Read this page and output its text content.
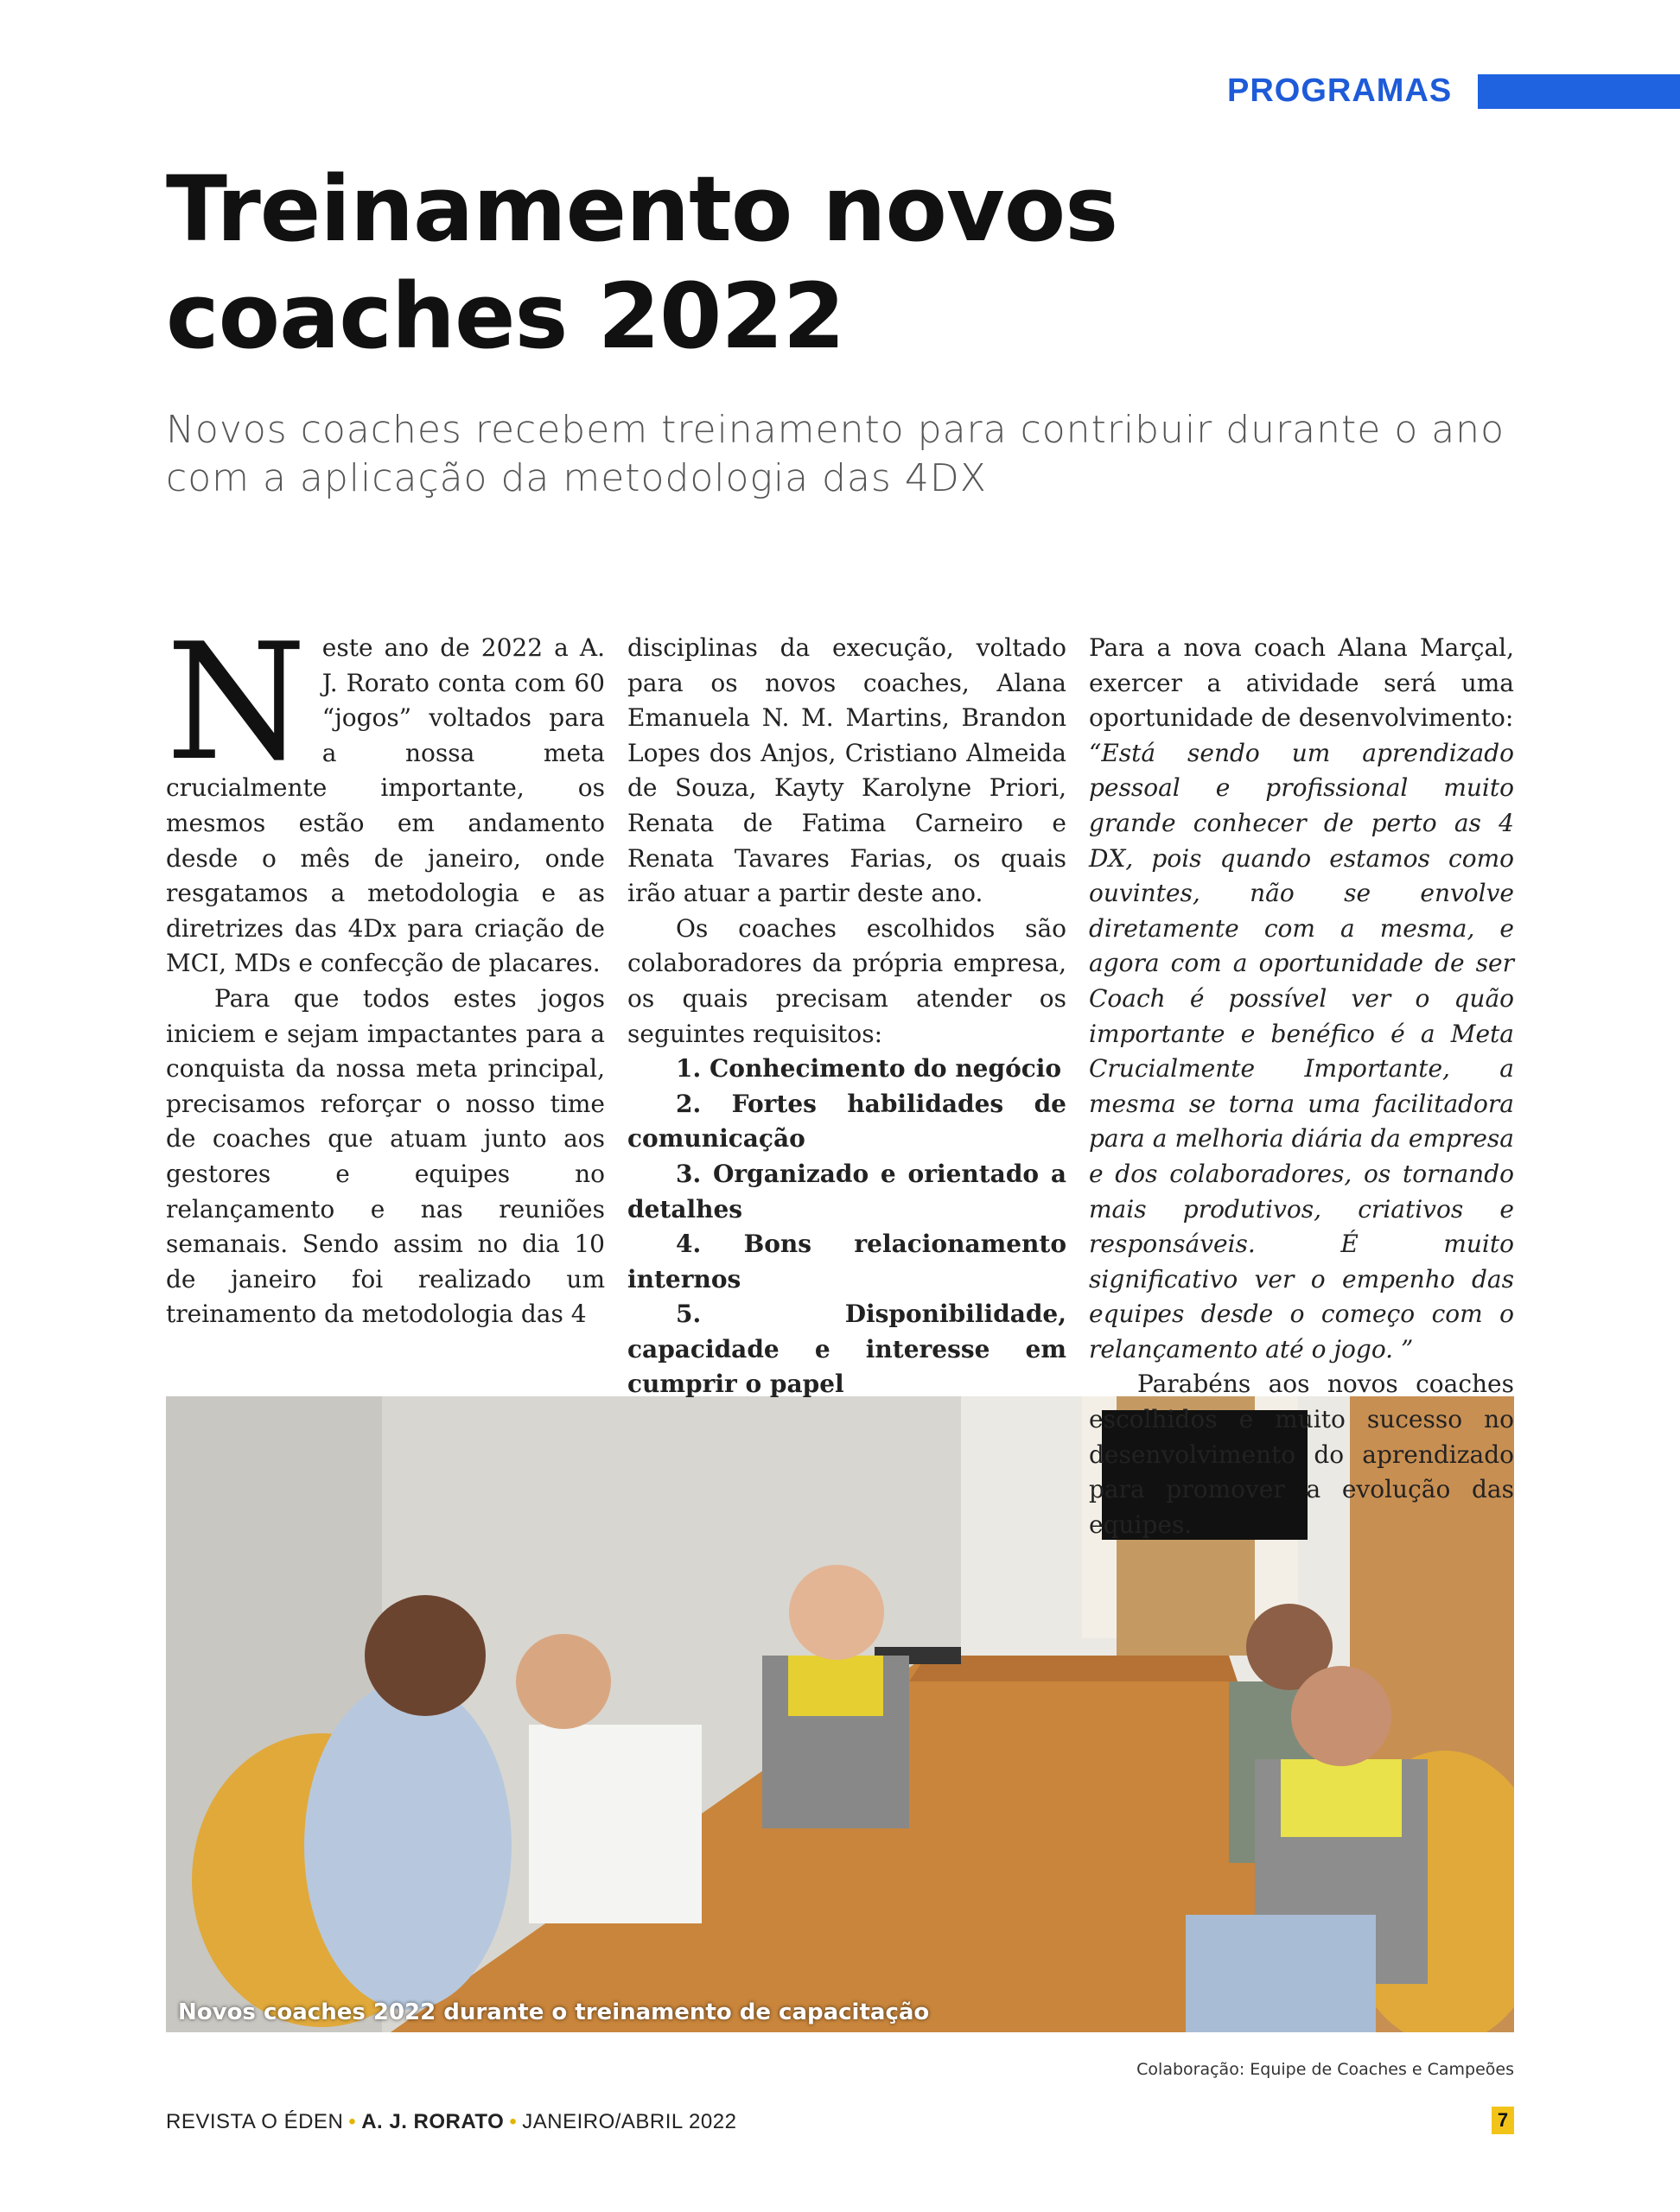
PROGRAMAS
Treinamento novos coaches 2022

Novos coaches recebem treinamento para contribuir durante o ano com a aplicação da metodologia das 4DX

N este ano de 2022 a A. J. Rorato conta com 60 “jogos” voltados para a nossa meta crucialmente importante, os mesmos estão em andamento desde o mês de janeiro, onde resgatamos a metodologia e as diretrizes das 4Dx para criação de MCI, MDs e confecção de placares.

Para que todos estes jogos iniciem e sejam impactantes para a conquista da nossa meta principal, precisamos reforçar o nosso time de coaches que atuam junto aos gestores e equipes no relançamento e nas reuniões semanais. Sendo assim no dia 10 de janeiro foi realizado um treinamento da metodologia das 4

Novos coaches 2022 durante o treinamento de capacitação
Colaboração: Equipe de Coaches e Campeões
REVISTA O ÉDEN • A. J. RORATO • JANEIRO/ABRIL 2022	7

disciplinas da execução, voltado para os novos coaches, Alana Emanuela N. M. Martins, Brandon Lopes dos Anjos, Cristiano Almeida de Souza, Kayty Karolyne Priori, Renata de Fatima Carneiro e Renata Tavares Farias, os quais irão atuar a partir deste ano.

Os coaches escolhidos são colaboradores da própria empresa, os quais precisam atender os seguintes requisitos:

1. Conhecimento do negócio

2. Fortes habilidades de comunicação

3. Organizado e orientado a detalhes

4. Bons relacionamento internos

5. Disponibilidade, capacidade e interesse em cumprir o papel

Para a nova coach Alana Marçal, exercer a atividade será uma oportunidade de desenvolvimento:

“Está sendo um aprendizado pessoal e profissional muito grande conhecer de perto as 4 DX, pois quando estamos como ouvintes, não se envolve diretamente com a mesma, e agora com a oportunidade de ser Coach é possível ver o quão importante e benéfico é a Meta Crucialmente Importante, a mesma se torna uma facilitadora para a melhoria diária da empresa e dos colaboradores, os tornando mais produtivos, criativos e responsáveis. É muito significativo ver o empenho das equipes desde o começo com o relançamento até o jogo. ”

Parabéns aos novos coaches escolhidos e muito sucesso no desenvolvimento do aprendizado para promover a evolução das equipes.
